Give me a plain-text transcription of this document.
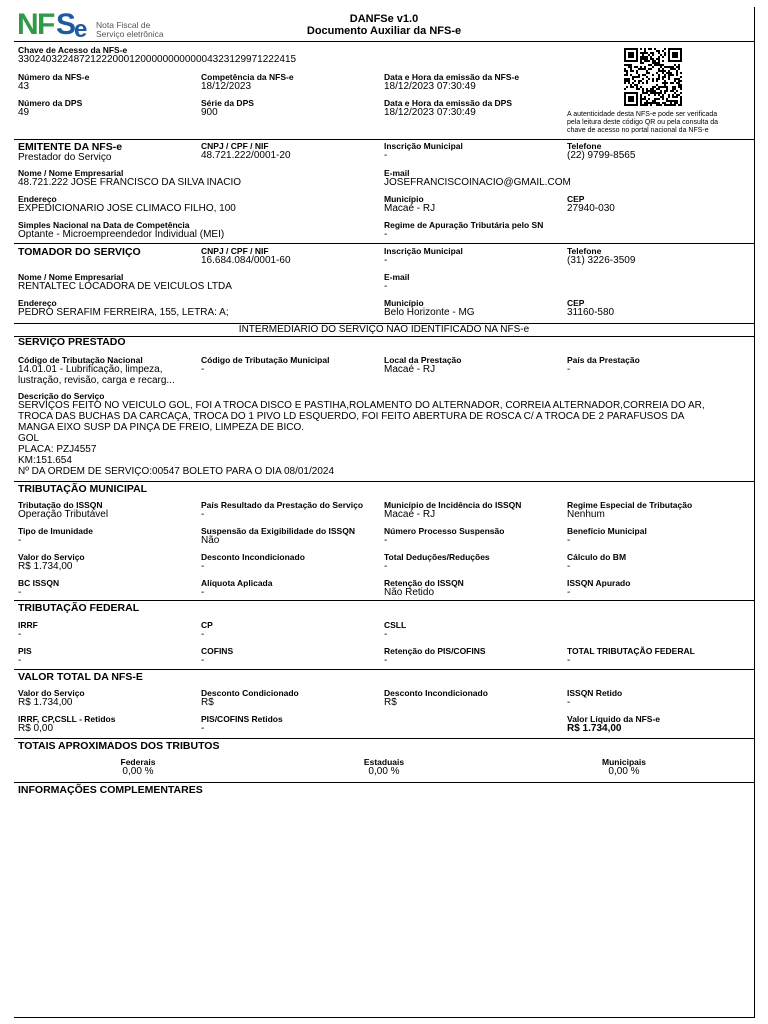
N F S
e Nota Fiscal de
Serviço eletrônica
DANFSe v1.0
Documento Auxiliar da NFS-e
Chave de Acesso da NFS-e
33024032248721222000120000000000004323129971222415
Número da NFS-e
43
Competência da NFS-e
18/12/2023
Data e Hora da emissão da NFS-e
18/12/2023 07:30:49
Número da DPS
49
Série da DPS
900
Data e Hora da emissão da DPS
18/12/2023 07:30:49	A autenticidade desta NFS-e pode ser verificada
pela leitura deste código QR ou pela consulta da
chave de acesso no portal nacional da NFS-e
EMITENTE DA NFS-e
Prestador do Serviço
CNPJ / CPF / NIF
48.721.222/0001-20
Inscrição Municipal
-
Telefone
(22) 9799-8565
Nome / Nome Empresarial
48.721.222 JOSE FRANCISCO DA SILVA INACIO
E-mail
JOSEFRANCISCOINACIO@GMAIL.COM
Endereço
EXPEDICIONARIO JOSE CLIMACO FILHO, 100
Município
Macaé - RJ
CEP
27940-030
Simples Nacional na Data de Competência
Optante - Microempreendedor Individual (MEI)
Regime de Apuração Tributária pelo SN
-
TOMADOR DO SERVIÇO	CNPJ / CPF / NIF
16.684.084/0001-60
Inscrição Municipal
-
Telefone
(31) 3226-3509
Nome / Nome Empresarial
RENTALTEC LOCADORA DE VEICULOS LTDA
E-mail
-
Endereço
PEDRO SERAFIM FERREIRA, 155, LETRA: A;
Município
Belo Horizonte - MG
CEP
31160-580
INTERMEDIÁRIO DO SERVIÇO NÃO IDENTIFICADO NA NFS-e
SERVIÇO PRESTADO
Código de Tributação Nacional
14.01.01 - Lubrificação, limpeza,
lustração, revisão, carga e recarg...
Código de Tributação Municipal
-
Local da Prestação
Macaé - RJ
País da Prestação
-
Descrição do Serviço
SERVIÇOS FEITO NO VEICULO GOL, FOI A TROCA DISCO E PASTIHA,ROLAMENTO DO ALTERNADOR, CORREIA ALTERNADOR,CORREIA DO AR,
TROCA DAS BUCHAS DA CARCAÇA, TROCA DO 1 PIVO LD ESQUERDO, FOI FEITO ABERTURA DE ROSCA C/ A TROCA DE 2 PARAFUSOS DA
MANGA EIXO SUSP DA PINÇA DE FREIO, LIMPEZA DE BICO.
GOL
PLACA: PZJ4557
KM:151.654
Nº DA ORDEM DE SERVIÇO:00547 BOLETO PARA O DIA 08/01/2024
TRIBUTAÇÃO MUNICIPAL
TRIBUTAÇÃO FEDERAL
VALOR TOTAL DA NFS-E
TOTAIS APROXIMADOS DOS TRIBUTOS
Federais
0,00 %
Estaduais
0,00 %
Municipais
0,00 %
INFORMAÇÕES COMPLEMENTARES
Tributação do ISSQN
Operação Tributável
País Resultado da Prestação do Serviço
-
Município de Incidência do ISSQN
Macaé - RJ
Regime Especial de Tributação
Nenhum
Tipo de Imunidade
-
Suspensão da Exigibilidade do ISSQN
Não
Número Processo Suspensão
-
Benefício Municipal
-
Valor do Serviço
R$ 1.734,00
Desconto Incondicionado
-
Total Deduções/Reduções
-
Cálculo do BM
-
BC ISSQN
-
Alíquota Aplicada
-
Retenção do ISSQN
Não Retido
ISSQN Apurado
-
IRRF
-
CP
-
CSLL
-
PIS
-
COFINS
-
Retenção do PIS/COFINS
-
TOTAL TRIBUTAÇÃO FEDERAL
-
Valor do Serviço
R$ 1.734,00
Desconto Condicionado
R$
Desconto Incondicionado
R$
ISSQN Retido
-
IRRF, CP,CSLL - Retidos
R$ 0,00
PIS/COFINS Retidos
-
Valor Líquido da NFS-e
R$ 1.734,00
